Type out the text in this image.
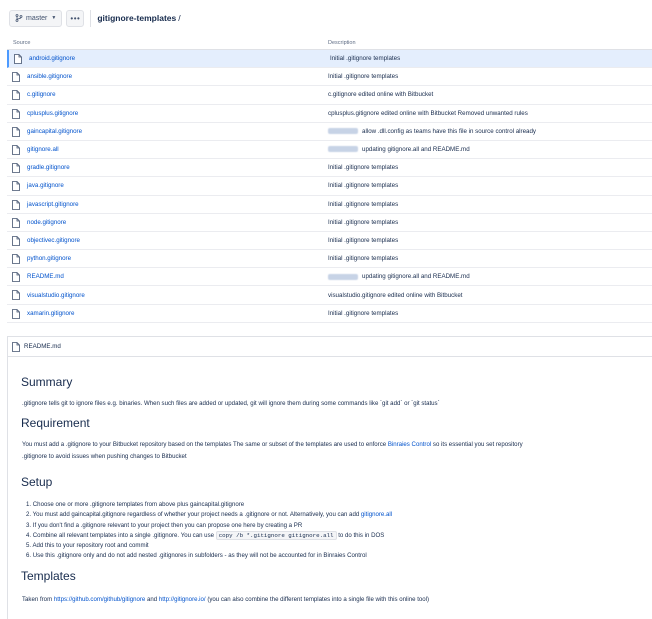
master ▼	•••	gitignore-templates /
Source	Description
android.gitignore	Initial .gitignore templates
ansible.gitignore	Initial .gitignore templates
c.gitignore	c.gitignore edited online with Bitbucket
cplusplus.gitignore	cplusplus.gitignore edited online with Bitbucket Removed unwanted rules
gaincapital.gitignore	allow .dll.config as teams have this file in source control already
gitignore.all	updating gitignore.all and README.md
gradle.gitignore	Initial .gitignore templates
java.gitignore	Initial .gitignore templates
javascript.gitignore	Initial .gitignore templates
node.gitignore	Initial .gitignore templates
objectivec.gitignore	Initial .gitignore templates
python.gitignore	Initial .gitignore templates
README.md	updating gitignore.all and README.md
visualstudio.gitignore	visualstudio.gitignore edited online with Bitbucket
xamarin.gitignore	Initial .gitignore templates
README.md
Summary

.gitignore tells git to ignore files e.g. binaries. When such files are added or updated, git will ignore them during some commands like `git add` or `git status`

Requirement

You must add a .gitignore to your Bitbucket repository based on the templates The same or subset of the templates are used to enforce Binraies Control so its essential you set repository

.gitignore to avoid issues when pushing changes to Bitbucket

Setup
1. Choose one or more .gitignore templates from above plus gaincapital.gitignore
2. You must add gaincapital.gitignore regardless of whether your project needs a .gitignore or not. Alternatively, you can add gitignore.all
3. If you don't find a .gitignore relevant to your project then you can propose one here by creating a PR
4. Combine all relevant templates into a single .gitignore. You can use copy /b *.gitignore gitignore.all to do this in DOS
5. Add this to your repository root and commit
6. Use this .gitignore only and do not add nested .gitignores in subfolders - as they will not be accounted for in Binraies Control
Templates

Taken from https://github.com/github/gitignore and http://gitignore.io/ (you can also combine the different templates into a single file with this online tool)
